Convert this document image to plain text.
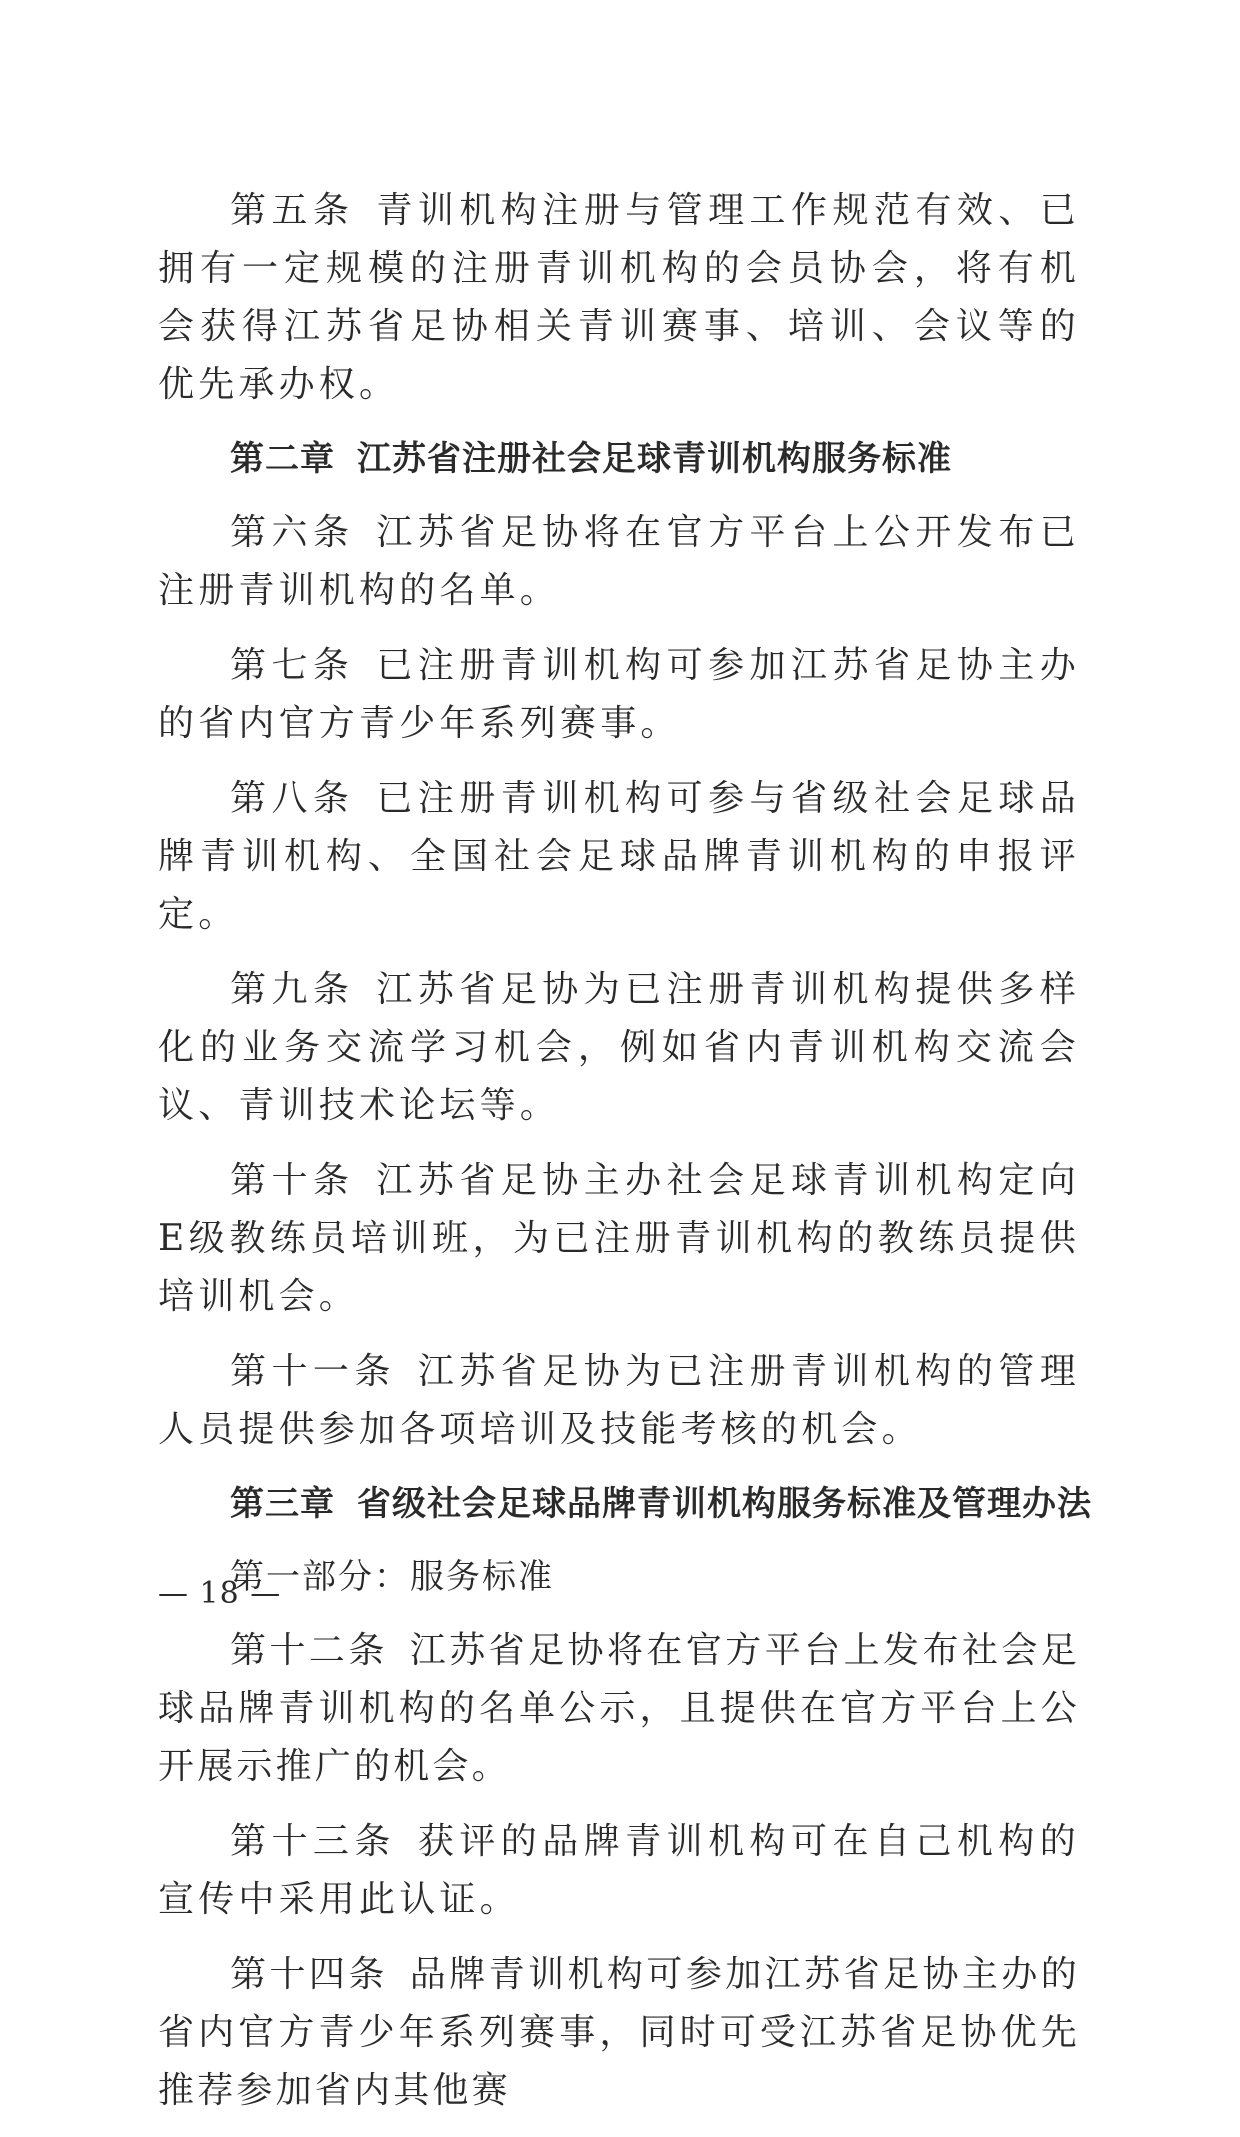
第五条 青训机构注册与管理工作规范有效、已拥有一定规模的注册青训机构的会员协会，将有机会获得江苏省足协相关青训赛事、培训、会议等的优先承办权。

第二章 江苏省注册社会足球青训机构服务标准

第六条 江苏省足协将在官方平台上公开发布已注册青训机构的名单。

第七条 已注册青训机构可参加江苏省足协主办的省内官方青少年系列赛事。

第八条 已注册青训机构可参与省级社会足球品牌青训机构、全国社会足球品牌青训机构的申报评定。

第九条 江苏省足协为已注册青训机构提供多样化的业务交流学习机会，例如省内青训机构交流会议、青训技术论坛等。

第十条 江苏省足协主办社会足球青训机构定向E级教练员培训班，为已注册青训机构的教练员提供培训机会。

第十一条 江苏省足协为已注册青训机构的管理人员提供参加各项培训及技能考核的机会。

第三章 省级社会足球品牌青训机构服务标准及管理办法

第一部分：服务标准

第十二条 江苏省足协将在官方平台上发布社会足球品牌青训机构的名单公示，且提供在官方平台上公开展示推广的机会。

第十三条 获评的品牌青训机构可在自己机构的宣传中采用此认证。

第十四条 品牌青训机构可参加江苏省足协主办的省内官方青少年系列赛事，同时可受江苏省足协优先推荐参加省内其他赛

— 18 —
